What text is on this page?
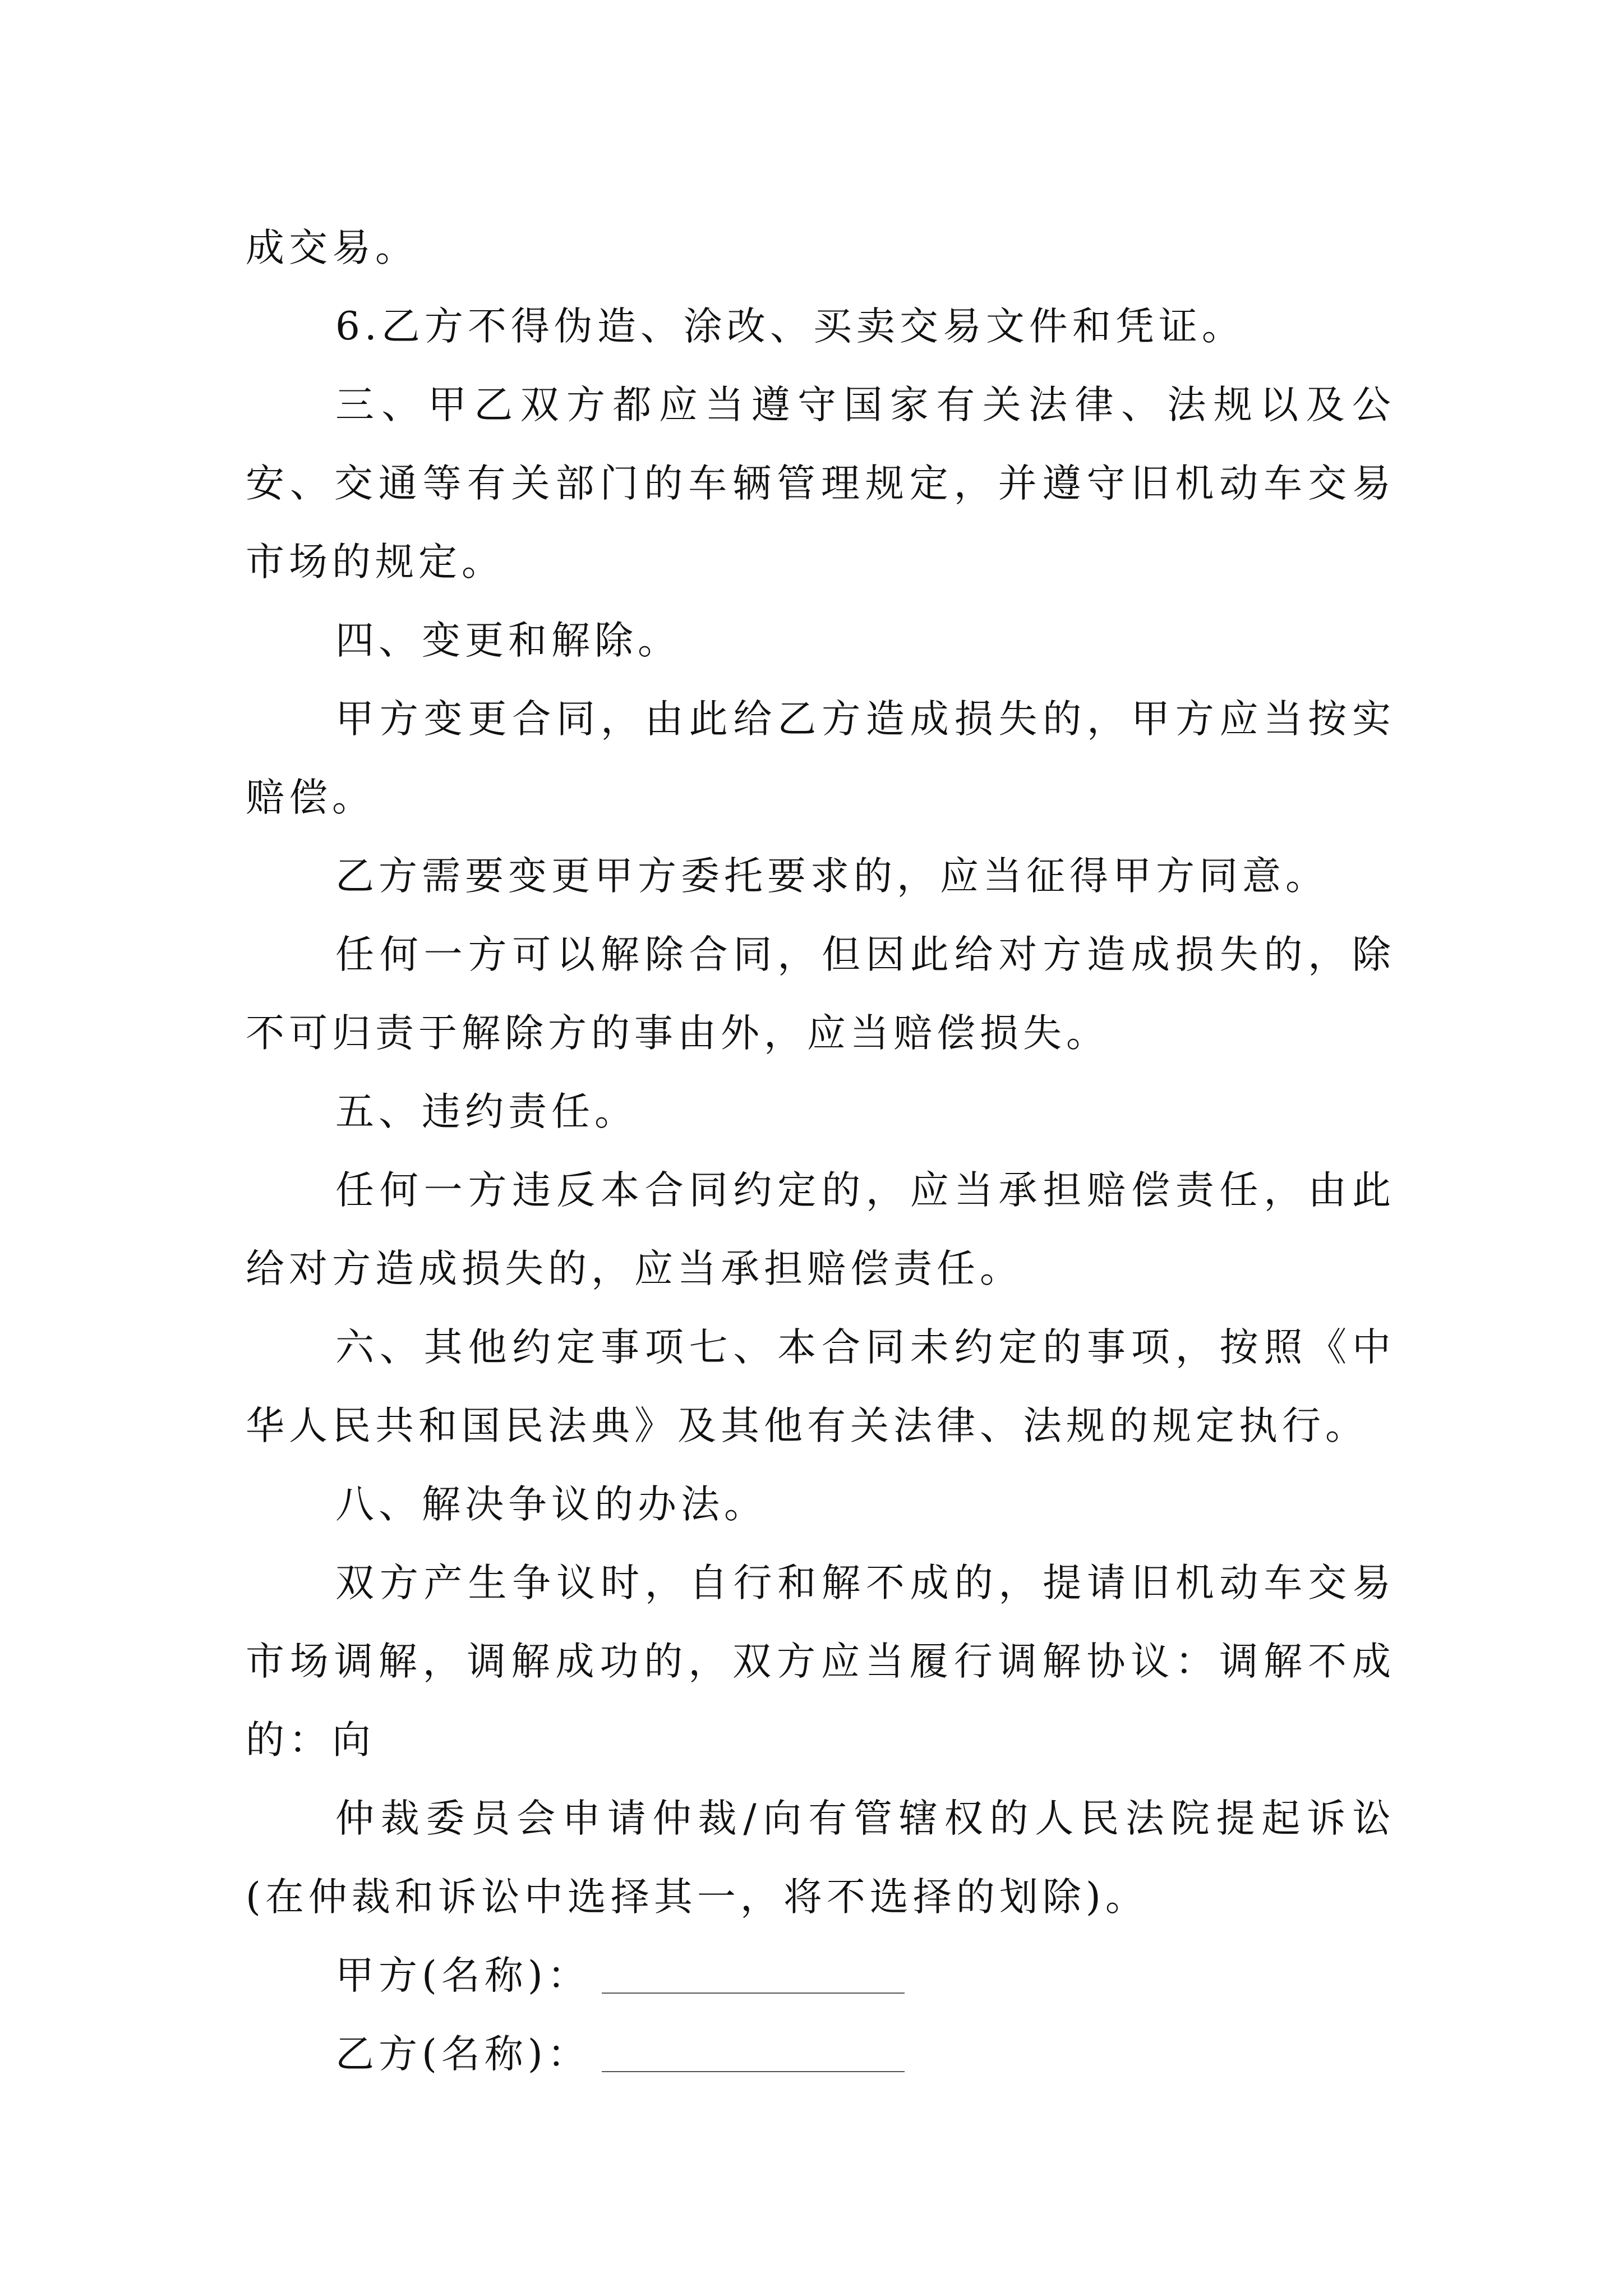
成交易。

6.乙方不得伪造、涂改、买卖交易文件和凭证。

三、甲乙双方都应当遵守国家有关法律、法规以及公安、交通等有关部门的车辆管理规定，并遵守旧机动车交易市场的规定。

四、变更和解除。

甲方变更合同，由此给乙方造成损失的，甲方应当按实赔偿。

乙方需要变更甲方委托要求的，应当征得甲方同意。

任何一方可以解除合同，但因此给对方造成损失的，除不可归责于解除方的事由外，应当赔偿损失。

五、违约责任。

任何一方违反本合同约定的，应当承担赔偿责任，由此给对方造成损失的，应当承担赔偿责任。

六、其他约定事项七、本合同未约定的事项，按照《中华人民共和国民法典》及其他有关法律、法规的规定执行。

八、解决争议的办法。

双方产生争议时，自行和解不成的，提请旧机动车交易市场调解，调解成功的，双方应当履行调解协议：调解不成的：向

仲裁委员会申请仲裁/向有管辖权的人民法院提起诉讼(在仲裁和诉讼中选择其一，将不选择的划除)。

甲方(名称)：
乙方(名称)：
